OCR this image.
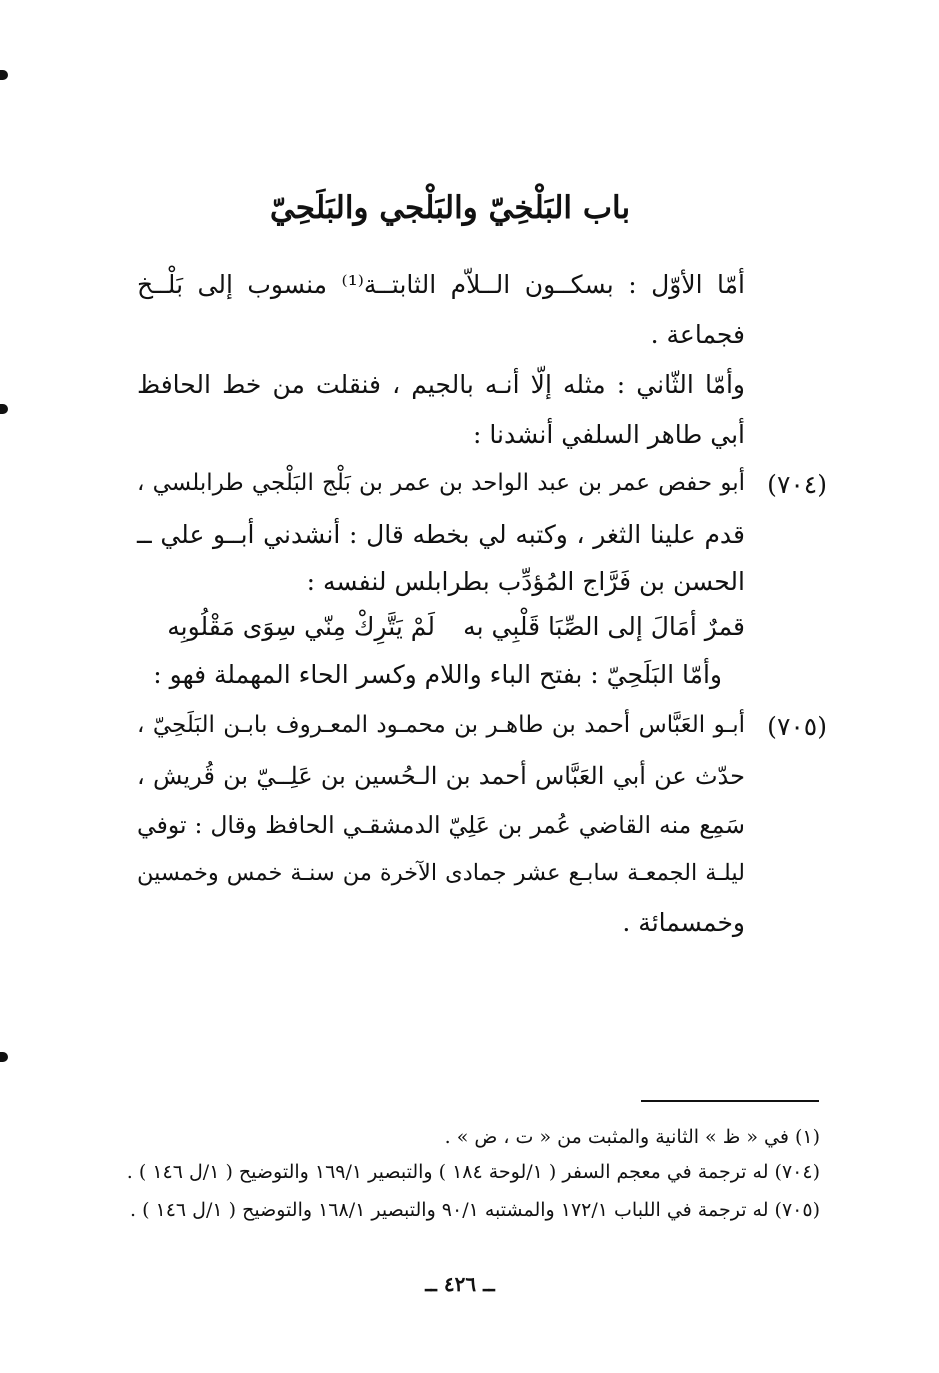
باب البَلْخِيّ والبَلْجي والبَلَحِيّ
أمّا الأوّل : بسكــون الــلاّم الثابتــة⁽¹⁾ منسوب إلى بَلْــخ
فجماعة .
وأمّا الثّاني : مثله إلّا أنـه بالجيم ، فنقلت من خط الحافظ
أبي طاهر السلفي أنشدنا :
(٧٠٤)
أبو حفص عمر بن عبد الواحد بن عمر بن بَلْج البَلْجي طرابلسي ،
قدم علينا الثغر ، وكتبه لي بخطه قال : أنشدني أبــو علي ــ
الحسن بن فَرَّاج المُؤدِّب بطرابلس لنفسه :
قمرٌ أمَالَ إلى الصِّبَا قَلْبِي به
لَمْ يَتَّرِكْ مِنّي سِوَى مَقْلُوبِه
وأمّا البَلَحِيّ : بفتح الباء واللام وكسر الحاء المهملة فهو :
(٧٠٥)
أبـو العَبَّاس أحمد بن طاهـر بن محمـود المعـروف بابـن البَلَحِيّ ،
حدّث عن أبي العَبَّاس أحمد بن الـحُسين بن عَلِــيّ بن قُريش ،
سَمِع منه القاضي عُمر بن عَلِيّ الدمشقـي الحافظ وقال : توفي
ليلـة الجمعـة سابـع عشر جمادى الآخرة من سنـة خمس وخمسين
وخمسمائة .
(١) في « ظ » الثانية والمثبت من « ت ، ض » .
(٧٠٤) له ترجمة في معجم السفر ( ١/لوحة ١٨٤ ) والتبصير ١٦٩/١ والتوضيح ( ١/ل ١٤٦ ) .
(٧٠٥) له ترجمة في اللباب ١٧٢/١ والمشتبه ٩٠/١ والتبصير ١٦٨/١ والتوضيح ( ١/ل ١٤٦ ) .
ــ ٤٢٦ ــ
